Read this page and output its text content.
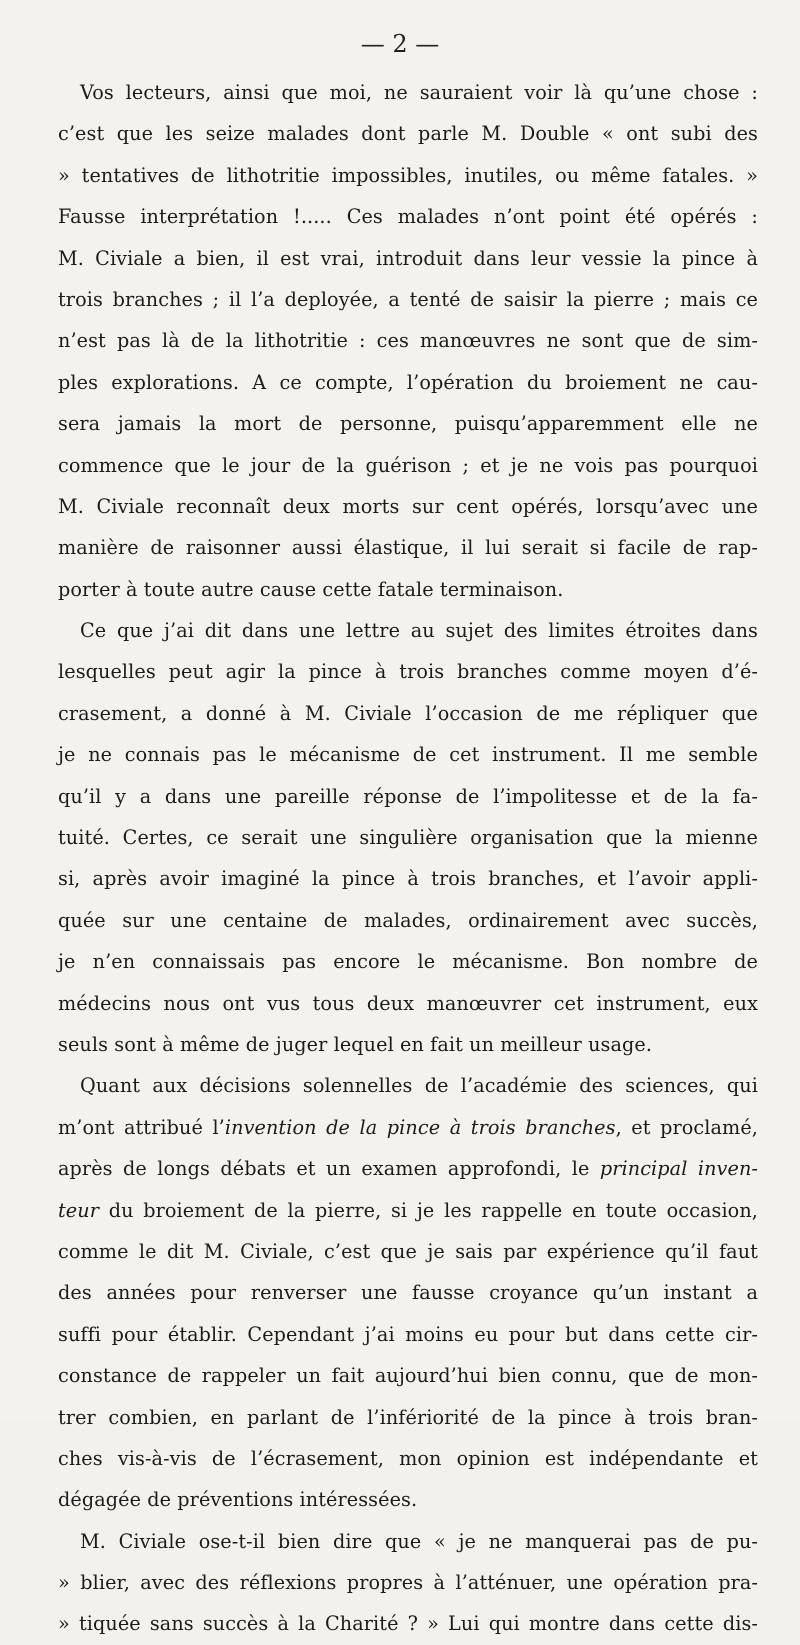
— 2 —
Vos lecteurs, ainsi que moi, ne sauraient voir là qu’une chose :
c’est que les seize malades dont parle M. Double « ont subi des
» tentatives de lithotritie impossibles, inutiles, ou même fatales. »
Fausse interprétation !..... Ces malades n’ont point été opérés :
M. Civiale a bien, il est vrai, introduit dans leur vessie la pince à
trois branches ; il l’a deployée, a tenté de saisir la pierre ; mais ce
n’est pas là de la lithotritie : ces manœuvres ne sont que de sim-
ples explorations. A ce compte, l’opération du broiement ne cau-
sera jamais la mort de personne, puisqu’apparemment elle ne
commence que le jour de la guérison ; et je ne vois pas pourquoi
M. Civiale reconnaît deux morts sur cent opérés, lorsqu’avec une
manière de raisonner aussi élastique, il lui serait si facile de rap-
porter à toute autre cause cette fatale terminaison.
Ce que j’ai dit dans une lettre au sujet des limites étroites dans
lesquelles peut agir la pince à trois branches comme moyen d’é-
crasement, a donné à M. Civiale l’occasion de me répliquer que
je ne connais pas le mécanisme de cet instrument. Il me semble
qu’il y a dans une pareille réponse de l’impolitesse et de la fa-
tuité. Certes, ce serait une singulière organisation que la mienne
si, après avoir imaginé la pince à trois branches, et l’avoir appli-
quée sur une centaine de malades, ordinairement avec succès,
je n’en connaissais pas encore le mécanisme. Bon nombre de
médecins nous ont vus tous deux manœuvrer cet instrument, eux
seuls sont à même de juger lequel en fait un meilleur usage.
Quant aux décisions solennelles de l’académie des sciences, qui
m’ont attribué l’invention de la pince à trois branches, et proclamé,
après de longs débats et un examen approfondi, le principal inven-
teur du broiement de la pierre, si je les rappelle en toute occasion,
comme le dit M. Civiale, c’est que je sais par expérience qu’il faut
des années pour renverser une fausse croyance qu’un instant a
suffi pour établir. Cependant j’ai moins eu pour but dans cette cir-
constance de rappeler un fait aujourd’hui bien connu, que de mon-
trer combien, en parlant de l’infériorité de la pince à trois bran-
ches vis-à-vis de l’écrasement, mon opinion est indépendante et
dégagée de préventions intéressées.
M. Civiale ose-t-il bien dire que « je ne manquerai pas de pu-
» blier, avec des réflexions propres à l’atténuer, une opération pra-
» tiquée sans succès à la Charité ? » Lui qui montre dans cette dis-
